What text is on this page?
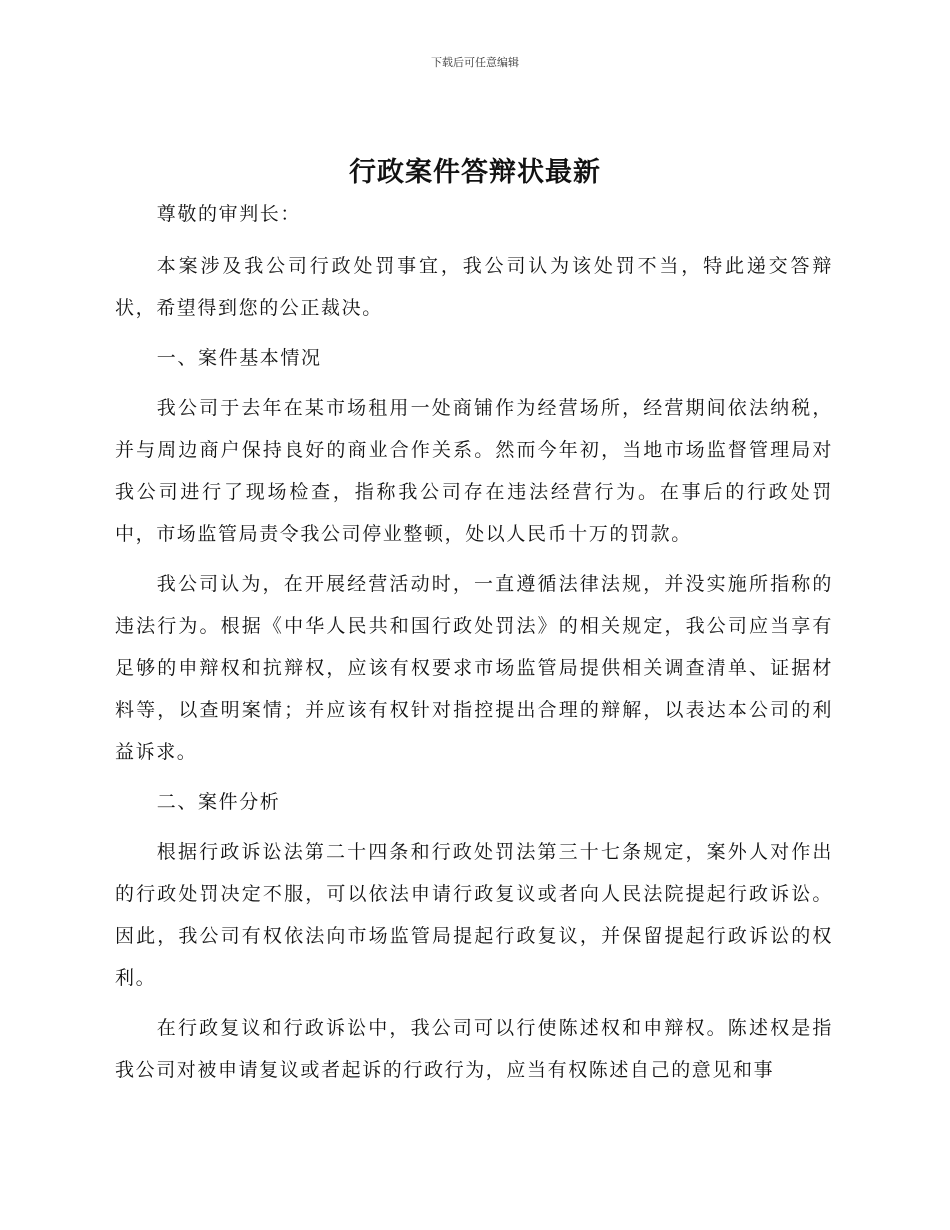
下载后可任意编辑
行政案件答辩状最新

尊敬的审判长：

本案涉及我公司行政处罚事宜，我公司认为该处罚不当，特此递交答辩状，希望得到您的公正裁决。

一、案件基本情况

我公司于去年在某市场租用一处商铺作为经营场所，经营期间依法纳税，并与周边商户保持良好的商业合作关系。然而今年初，当地市场监督管理局对我公司进行了现场检查，指称我公司存在违法经营行为。在事后的行政处罚中，市场监管局责令我公司停业整顿，处以人民币十万的罚款。

我公司认为，在开展经营活动时，一直遵循法律法规，并没实施所指称的违法行为。根据《中华人民共和国行政处罚法》的相关规定，我公司应当享有足够的申辩权和抗辩权，应该有权要求市场监管局提供相关调查清单、证据材料等，以查明案情；并应该有权针对指控提出合理的辩解，以表达本公司的利益诉求。

二、案件分析

根据行政诉讼法第二十四条和行政处罚法第三十七条规定，案外人对作出的行政处罚决定不服，可以依法申请行政复议或者向人民法院提起行政诉讼。因此，我公司有权依法向市场监管局提起行政复议，并保留提起行政诉讼的权利。

在行政复议和行政诉讼中，我公司可以行使陈述权和申辩权。陈述权是指我公司对被申请复议或者起诉的行政行为，应当有权陈述自己的意见和事
